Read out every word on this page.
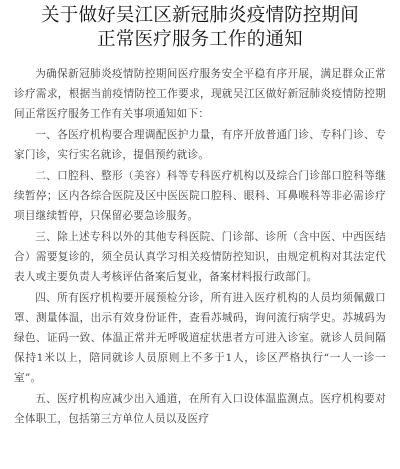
关于做好吴江区新冠肺炎疫情防控期间
正常医疗服务工作的通知

为确保新冠肺炎疫情防控期间医疗服务安全平稳有序开展，满足群众正常诊疗需求，根据当前疫情防控工作要求，现就吴江区做好新冠肺炎疫情防控期间正常医疗服务工作有关事项通知如下：

一、各医疗机构要合理调配医护力量，有序开放普通门诊、专科门诊、专家门诊，实行实名就诊，提倡预约就诊。

二、口腔科、整形（美容）科等专科医疗机构以及综合门诊部口腔科等继续暂停；区内各综合医院及区中医医院口腔科、眼科、耳鼻喉科等非必需诊疗项目继续暂停，只保留必要急诊服务。

三、除上述专科以外的其他专科医院、门诊部、诊所（含中医、中西医结合）需要复诊的，须全员认真学习相关疫情防控知识，由规定机构对其法定代表人或主要负责人考核评估备案后复业，备案材料报行政部门。

四、所有医疗机构要开展预检分诊，所有进入医疗机构的人员均须佩戴口罩、测量体温，出示有效身份证件，查看苏城码，询问流行病学史。苏城码为绿色、证码一致、体温正常并无呼吸道症状患者方可进入诊室。就诊人员间隔保持1米以上，陪同就诊人员原则上不多于1人，诊区严格执行“一人一诊一室”。

五、医疗机构应减少出入通道，在所有入口设体温监测点。医疗机构要对全体职工，包括第三方单位人员以及医疗
